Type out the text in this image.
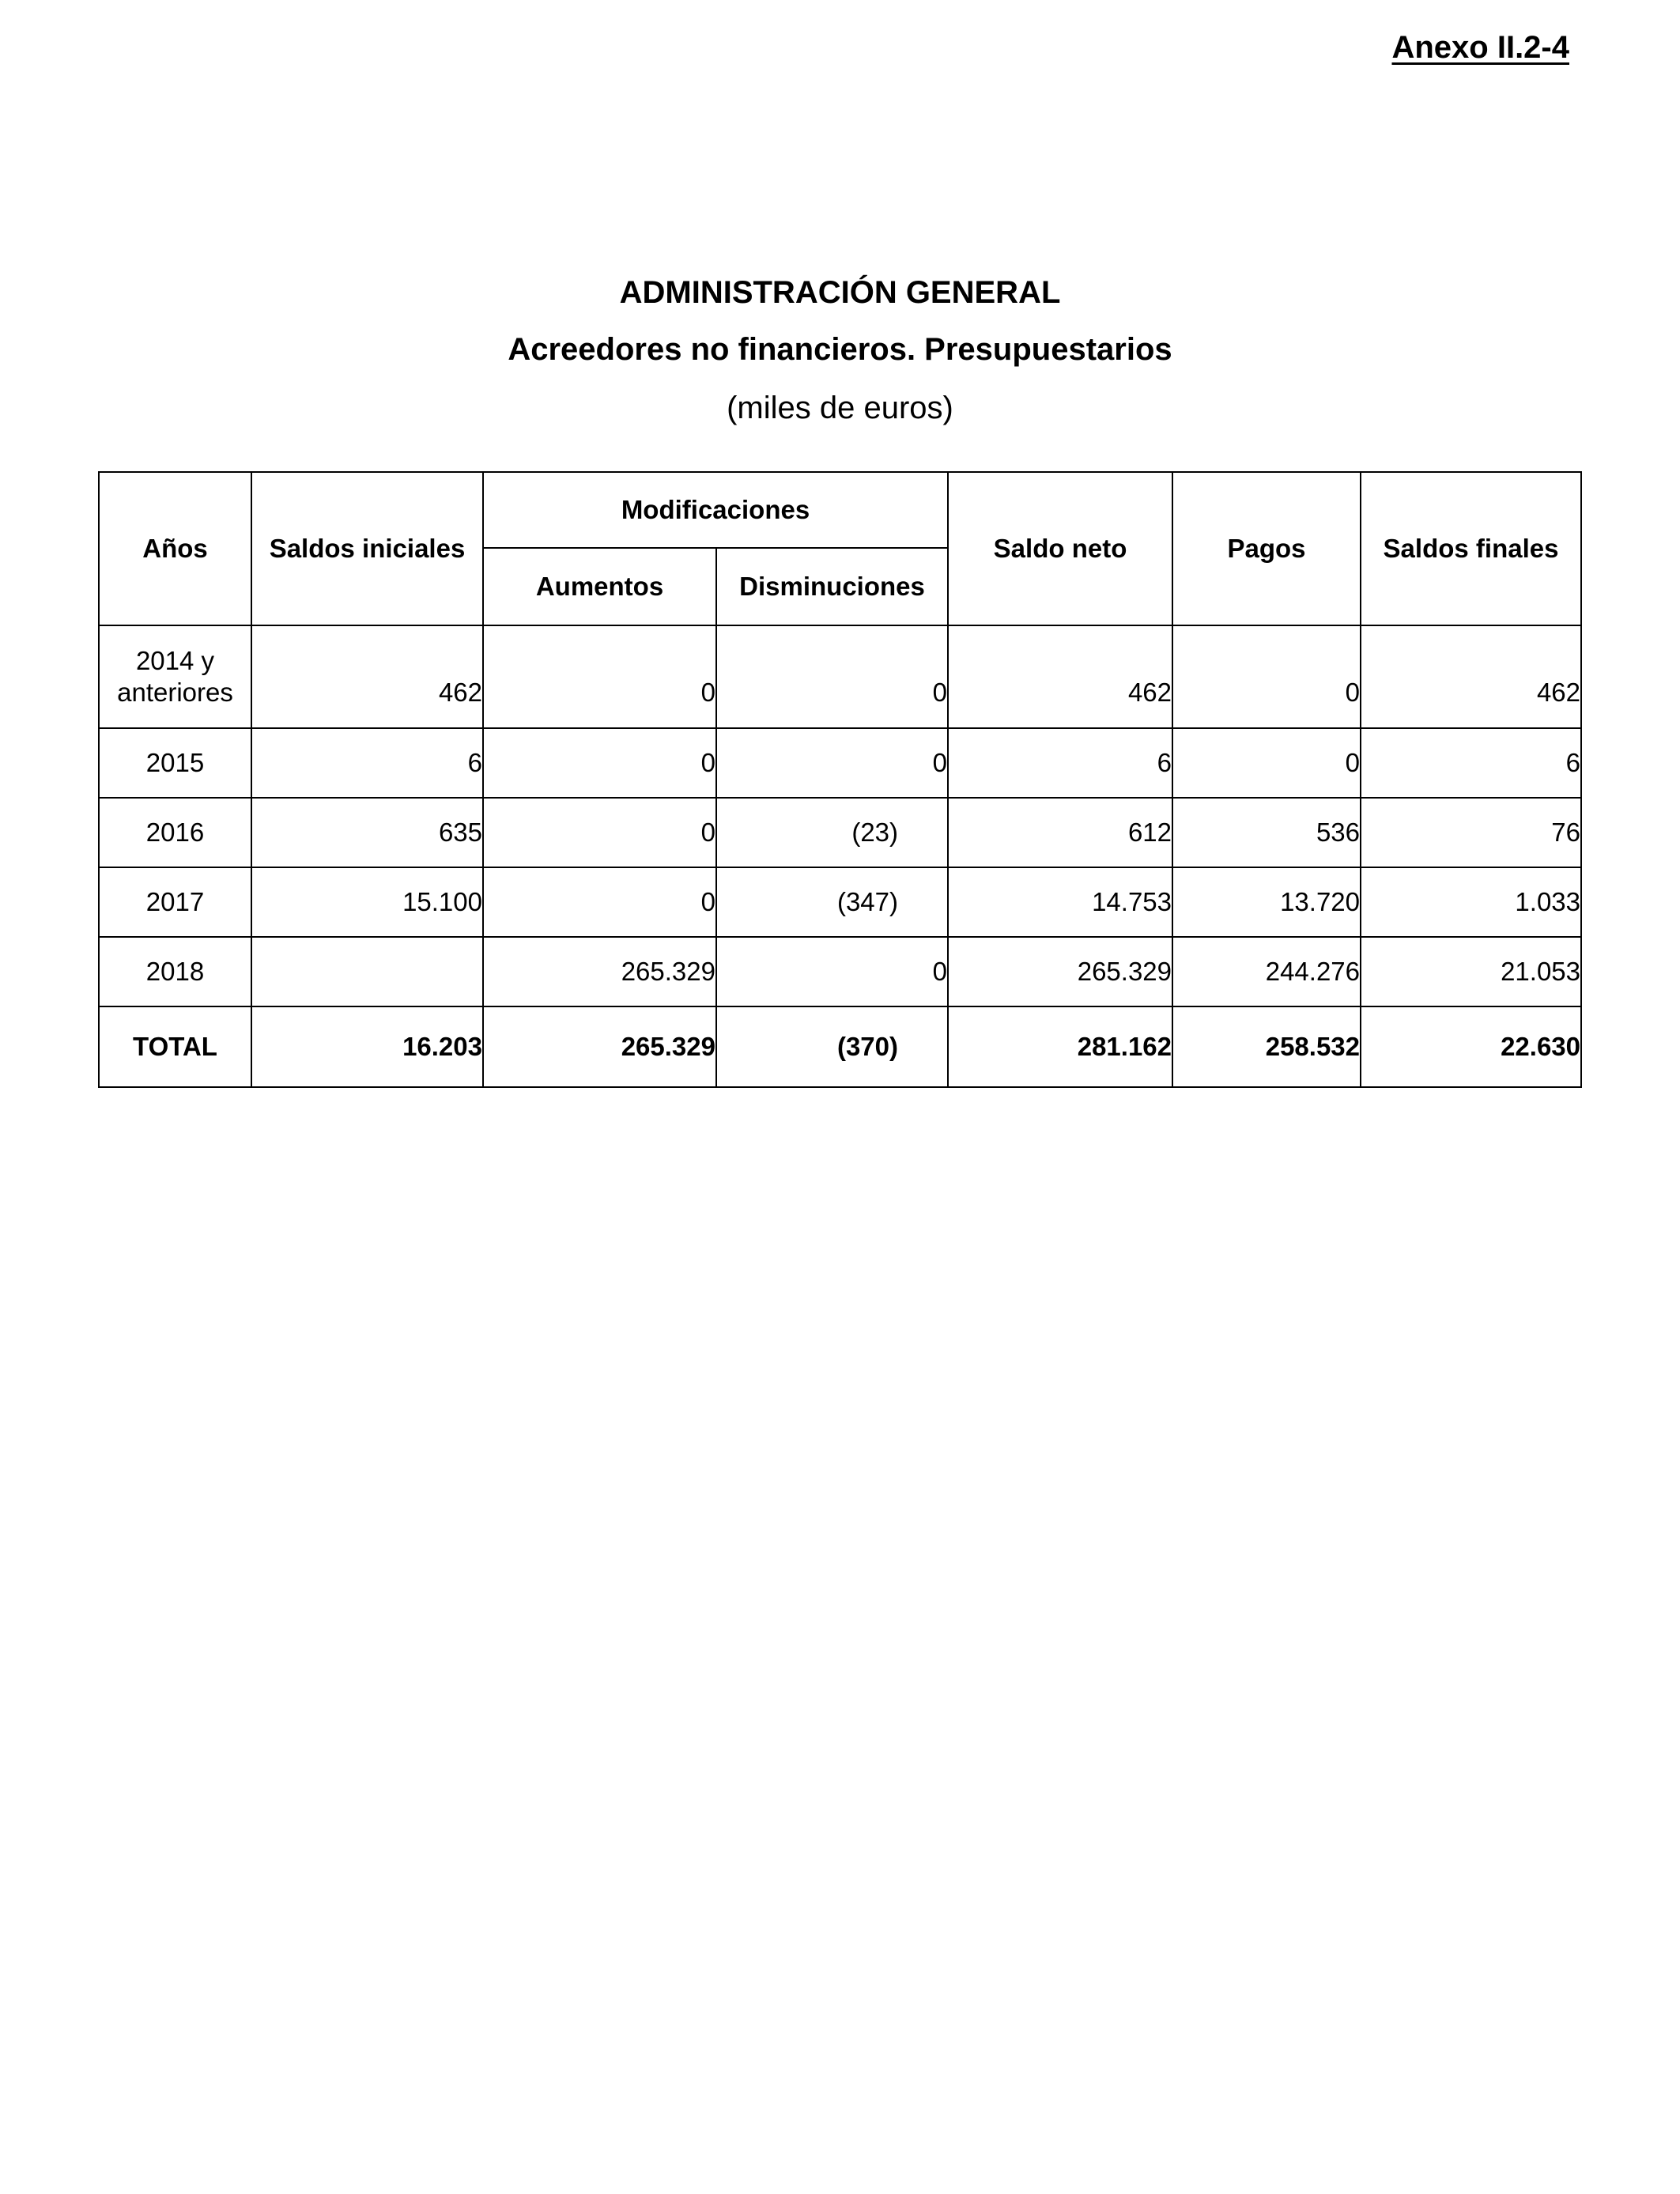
Anexo II.2-4
ADMINISTRACIÓN GENERAL
Acreedores no financieros. Presupuestarios
(miles de euros)
Años	Saldos iniciales	Modificaciones		Saldo neto	Pagos	Saldos finales
		Aumentos	Disminuciones			
2014 y anteriores	462	0	0	462	0	462
2015	6	0	0	6	0	6
2016	635	0	(23)	612	536	76
2017	15.100	0	(347)	14.753	13.720	1.033
2018		265.329	0	265.329	244.276	21.053
TOTAL	16.203	265.329	(370)	281.162	258.532	22.630
